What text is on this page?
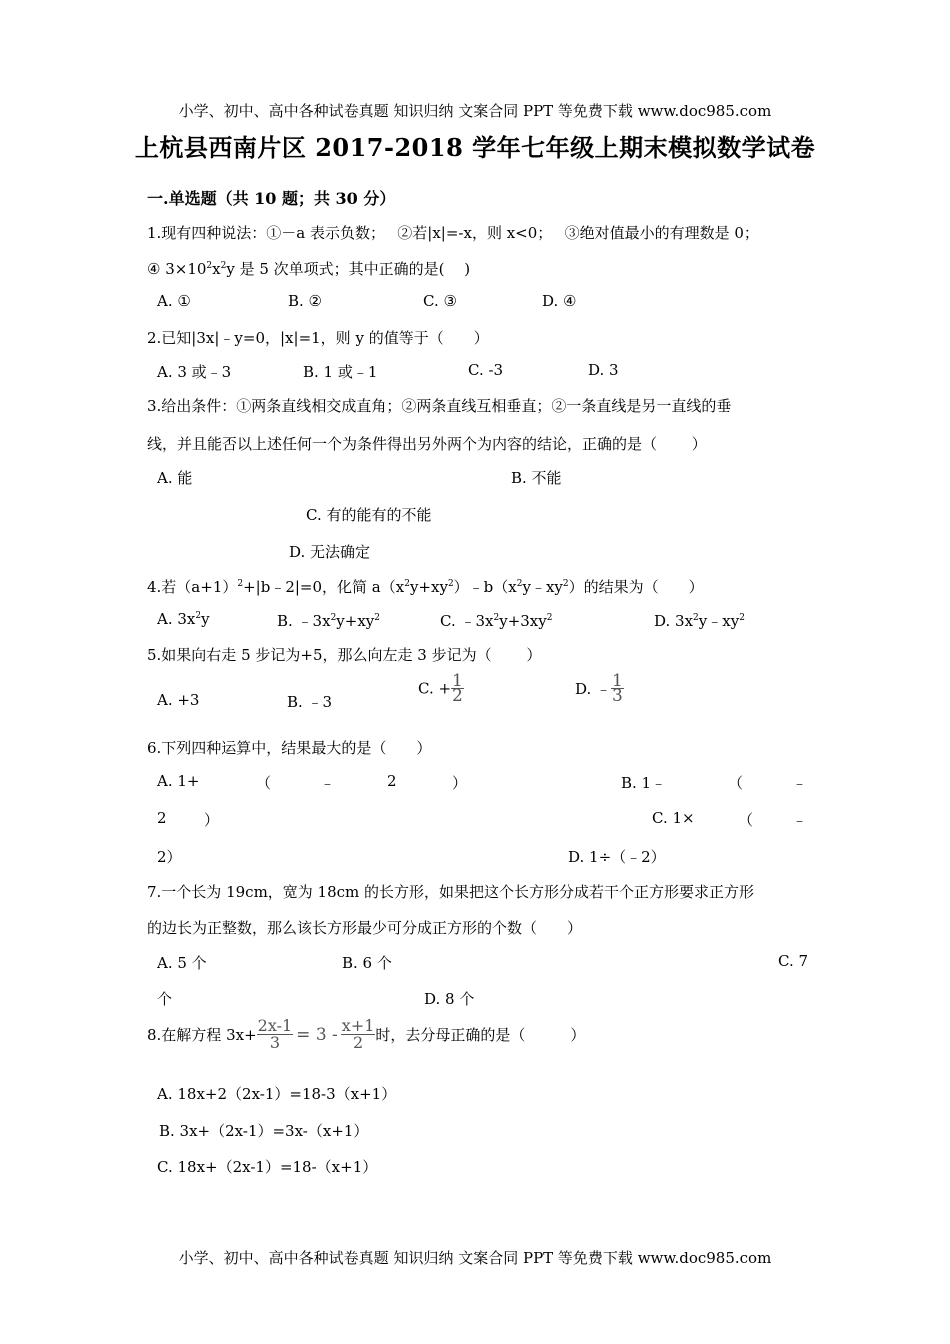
小学、初中、高中各种试卷真题 知识归纳 文案合同 PPT 等免费下载 www.doc985.com
上杭县西南片区 2017-2018 学年七年级上期末模拟数学试卷
一.单选题（共 10 题；共 30 分）
1.现有四种说法：①－a 表示负数；　 ②若|x|=-x，则 x<0；　 ③绝对值最小的有理数是 0；
④ $3\times 10^2x^2y$ 是 5 次单项式；其中正确的是(　 )
A. ①	B. ②	C. ③	D. ④
2.已知|3x|﹣y=0，|x|=1，则 y 的值等于（　　）
A. 3 或﹣3	B. 1 或﹣1	C. -3	D. 3
3.给出条件：①两条直线相交成直角；②两条直线互相垂直；②一条直线是另一直线的垂
线，并且能否以上述任何一个为条件得出另外两个为内容的结论，正确的是（　　 ）
A. 能	B. 不能
C. 有的能有的不能
D. 无法确定
4.若$(a+1)^2+|b﹣2|=0$，化简 $a(x^2y+xy^2)﹣b(x^2y﹣xy^2)$的结果为（　　）
A. $3x^2y$	B. $﹣3x^2y+xy^2$	C. $﹣3x^2y+3xy^2$	D. $3x^2y﹣xy^2$
5.如果向右走 5 步记为+5，那么向左走 3 步记为（　　 ）
A. +3	B. ﹣3
C. + $\frac{1}{2}$	D. ﹣ $\frac{1}{3}$
6.下列四种运算中，结果最大的是（　　）
A. 1+	（	﹣	2	）	B. 1﹣	（	﹣
2 ）	C. 1×	（	﹣
2）	D. 1÷（﹣2）
7.一个长为 19cm，宽为 18cm 的长方形，如果把这个长方形分成若干个正方形要求正方形
的边长为正整数，那么该长方形最少可分成正方形的个数（　　）
A. 5 个	B. 6 个	C. 7
个	D. 8 个
8.在解方程 $3x+ \frac{2x-1}{3} = 3 - \frac{x+1}{2}$ 时，去分母正确的是（　　　）
A. 18x+2（2x-1）=18-3（x+1）
B. 3x+（2x-1）=3x-（x+1）
C. 18x+（2x-1）=18-（x+1）
小学、初中、高中各种试卷真题 知识归纳 文案合同 PPT 等免费下载 www.doc985.com
